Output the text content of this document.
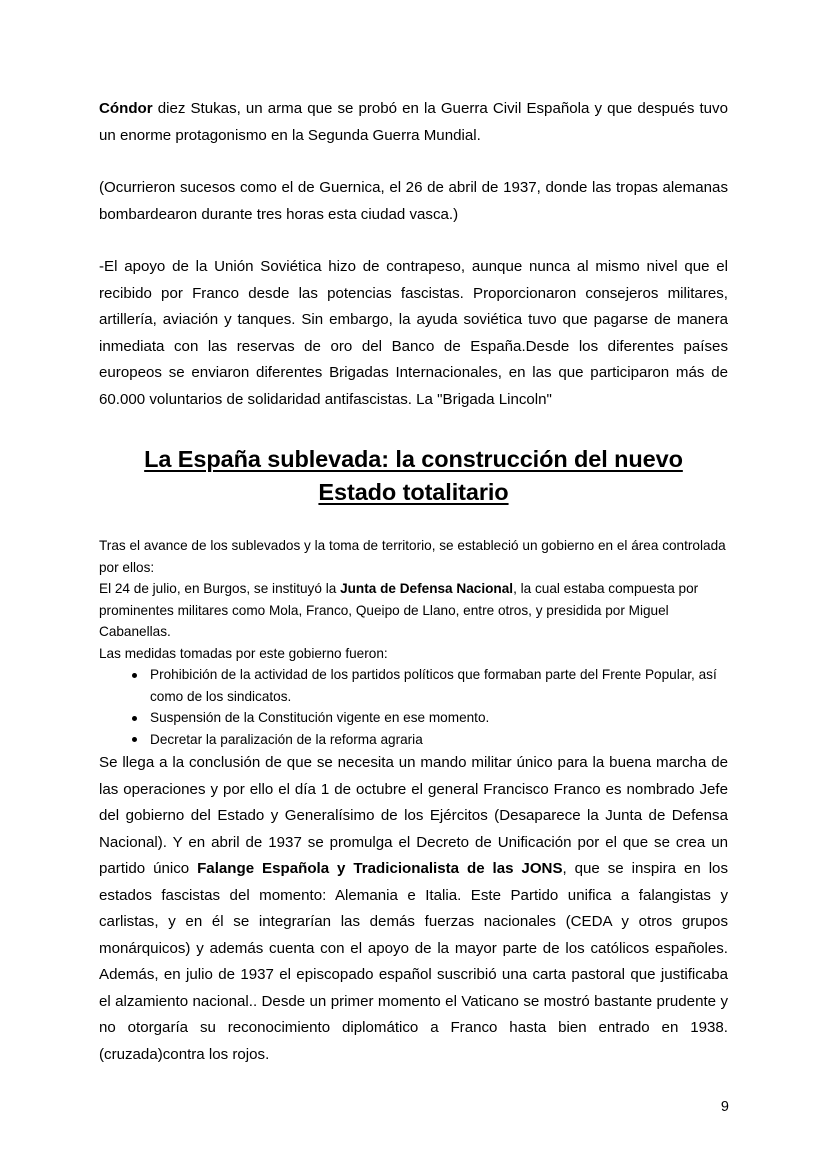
Cóndor diez Stukas, un arma que se probó en la Guerra Civil Española y que después tuvo un enorme protagonismo en la Segunda Guerra Mundial.

(Ocurrieron sucesos como el de Guernica, el 26 de abril de 1937, donde las tropas alemanas bombardearon durante tres horas esta ciudad vasca.)

-El apoyo de la Unión Soviética hizo de contrapeso, aunque nunca al mismo nivel que el recibido por Franco desde las potencias fascistas. Proporcionaron consejeros militares, artillería, aviación y tanques. Sin embargo, la ayuda soviética tuvo que pagarse de manera inmediata con las reservas de oro del Banco de España.Desde los diferentes países europeos se enviaron diferentes Brigadas Internacionales, en las que participaron más de 60.000 voluntarios de solidaridad antifascistas. La "Brigada Lincoln"

La España sublevada: la construcción del nuevo
Estado totalitario

Tras el avance de los sublevados y la toma de territorio, se estableció un gobierno en el área controlada por ellos:

El 24 de julio, en Burgos, se instituyó la Junta de Defensa Nacional, la cual estaba compuesta por prominentes militares como Mola, Franco, Queipo de Llano, entre otros, y presidida por Miguel Cabanellas.

Las medidas tomadas por este gobierno fueron:

Prohibición de la actividad de los partidos políticos que formaban parte del Frente Popular, así como de los sindicatos.
Suspensión de la Constitución vigente en ese momento.
Decretar la paralización de la reforma agraria

Se llega a la conclusión de que se necesita un mando militar único para la buena marcha de las operaciones y por ello el día 1 de octubre el general Francisco Franco es nombrado Jefe del gobierno del Estado y Generalísimo de los Ejércitos (Desaparece la Junta de Defensa Nacional). Y en abril de 1937 se promulga el Decreto de Unificación por el que se crea un partido único Falange Española y Tradicionalista de las JONS, que se inspira en los estados fascistas del momento: Alemania e Italia. Este Partido unifica a falangistas y carlistas, y en él se integrarían las demás fuerzas nacionales (CEDA y otros grupos monárquicos) y además cuenta con el apoyo de la mayor parte de los católicos españoles. Además, en julio de 1937 el episcopado español suscribió una carta pastoral que justificaba el alzamiento nacional.. Desde un primer momento el Vaticano se mostró bastante prudente y no otorgaría su reconocimiento diplomático a Franco hasta bien entrado en 1938. (cruzada)contra los rojos.

9
